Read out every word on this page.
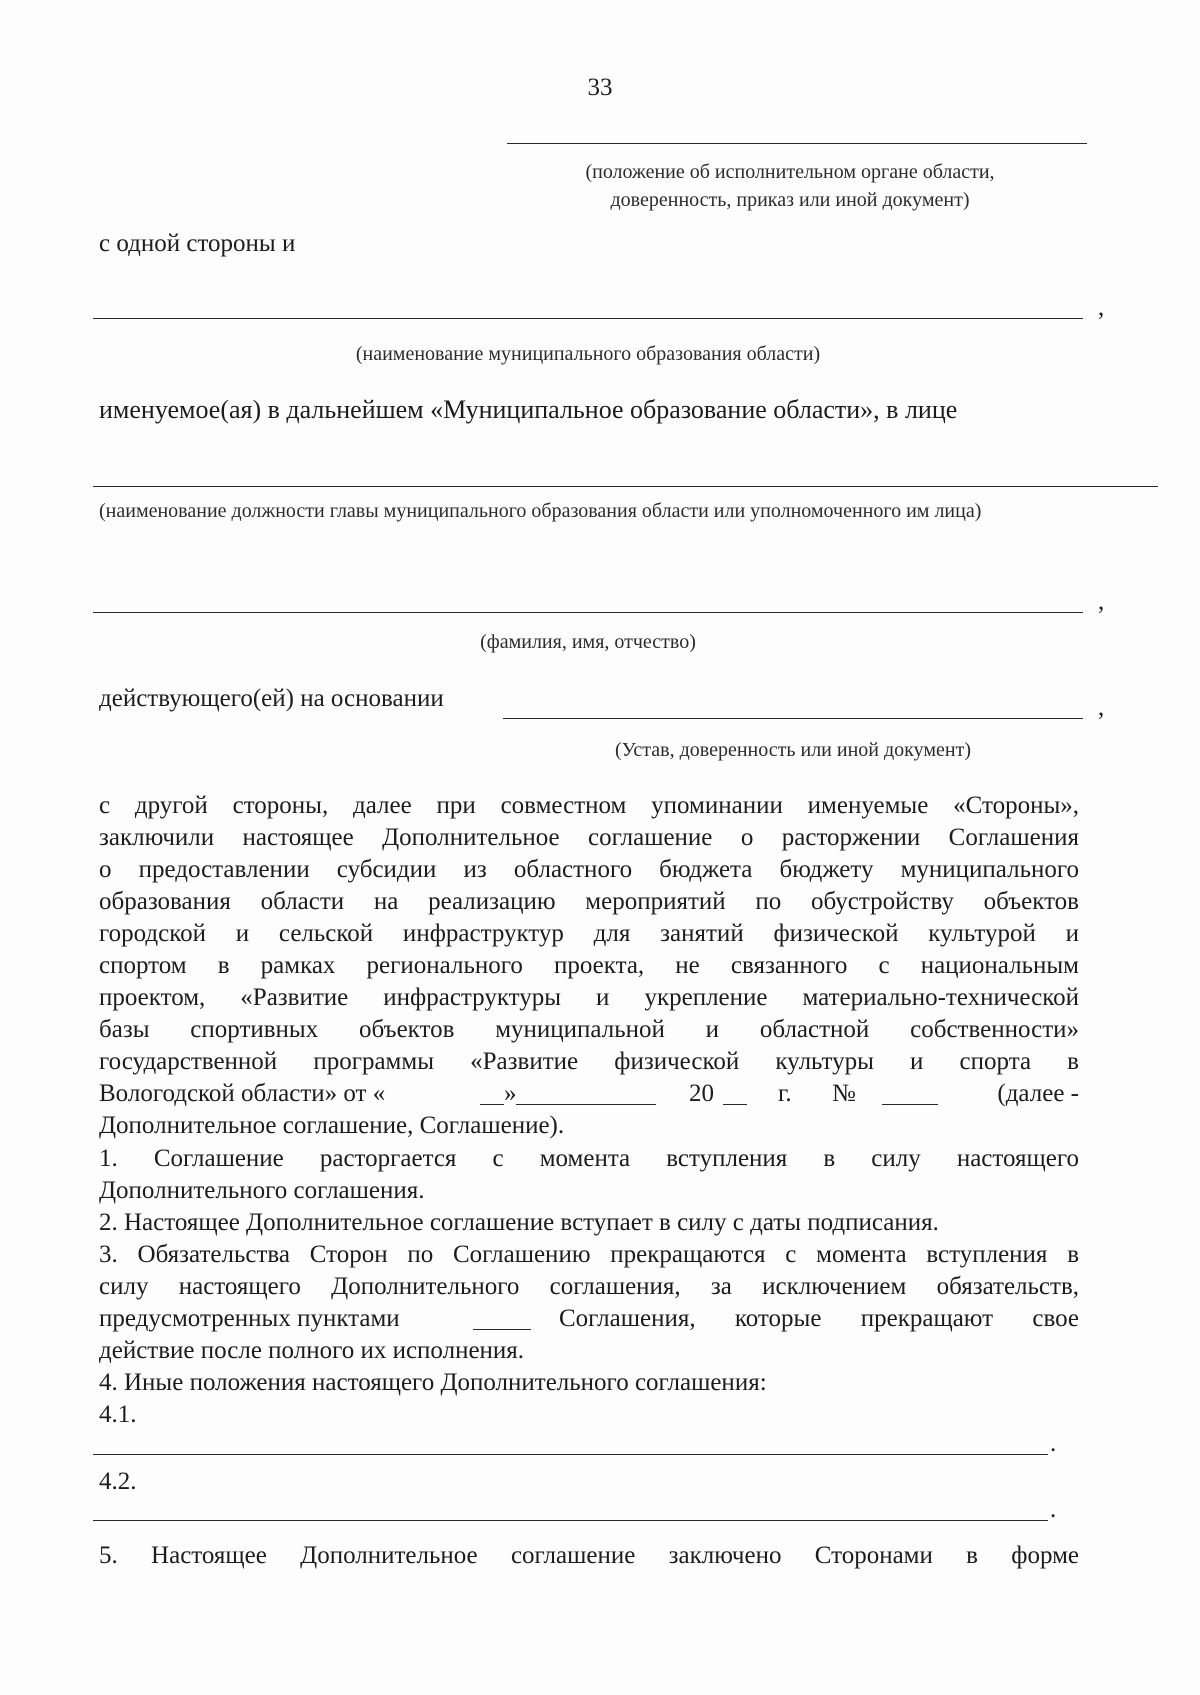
33
(положение об исполнительном органе области,
доверенность, приказ или иной документ)
с одной стороны и
,
(наименование муниципального образования области)
именуемое(ая) в дальнейшем «Муниципальное образование области», в лице
(наименование должности главы муниципального образования области или уполномоченного им лица)
,
(фамилия, имя, отчество)
действующего(ей) на основании	,
(Устав, доверенность или иной документ)
с другой стороны, далее при совместном упоминании именуемые «Стороны»,
заключили настоящее Дополнительное соглашение о расторжении Соглашения
о предоставлении субсидии из областного бюджета бюджету муниципального
образования области на реализацию мероприятий по обустройству объектов
городской и сельской инфраструктур для занятий физической культурой и
спортом в рамках регионального проекта, не связанного с национальным
проектом, «Развитие инфраструктуры и укрепление материально-технической
базы спортивных объектов муниципальной и областной собственности»
государственной программы «Развитие физической культуры и спорта в
Вологодской области» от «	»	20	г. №	(далее -
Дополнительное соглашение, Соглашение).
1. Соглашение расторгается с момента вступления в силу настоящего
Дополнительного соглашения.
2. Настоящее Дополнительное соглашение вступает в силу с даты подписания.
3. Обязательства Сторон по Соглашению прекращаются с момента вступления в
силу настоящего Дополнительного соглашения, за исключением обязательств,
предусмотренных пунктами	Соглашения, которые прекращают свое
действие после полного их исполнения.
4. Иные положения настоящего Дополнительного соглашения:
4.1.
.
4.2.
.
5. Настоящее Дополнительное соглашение заключено Сторонами в форме
